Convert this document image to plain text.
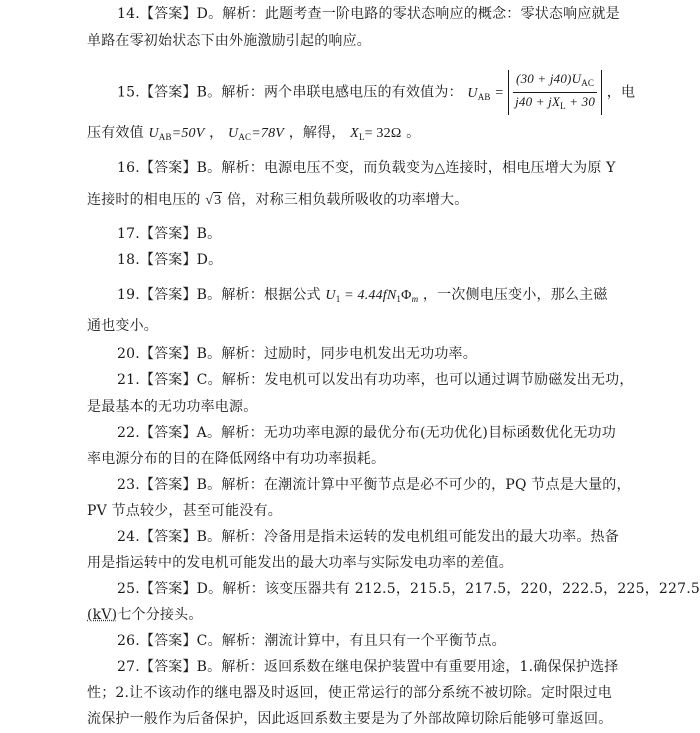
14.【答案】D。解析：此题考查一阶电路的零状态响应的概念：零状态响应就是
单路在零初始状态下由外施激励引起的响应。
15.【答案】B。解析：两个串联电感电压的有效值为： $U_{AB} = \frac{(30 + j40)U_{AC}}{j40 + jX_L + 30}$ ，电
压有效值 $U_{AB}=50V$ ， $U_{AC}=78V$ ，解得， $X_L= 32\Omega$ 。
16.【答案】B。解析：电源电压不变，而负载变为△连接时，相电压增大为原 Y
连接时的相电压的 √3 倍，对称三相负载所吸收的功率增大。
17.【答案】B。
18.【答案】D。
19.【答案】B。解析：根据公式 $U_1 = 4.44fN_1\Phi_m$ ，一次侧电压变小，那么主磁
通也变小。
20.【答案】B。解析：过励时，同步电机发出无功功率。
21.【答案】C。解析：发电机可以发出有功功率，也可以通过调节励磁发出无功，
是最基本的无功功率电源。
22.【答案】A。解析：无功功率电源的最优分布(无功优化)目标函数优化无功功
率电源分布的目的在降低网络中有功功率损耗。
23.【答案】B。解析：在潮流计算中平衡节点是必不可少的，PQ 节点是大量的，
PV 节点较少，甚至可能没有。
24.【答案】B。解析：冷备用是指未运转的发电机组可能发出的最大功率。热备
用是指运转中的发电机可能发出的最大功率与实际发电功率的差值。
25.【答案】D。解析：该变压器共有 212.5，215.5，217.5，220，222.5，225，227.5
(kV)七个分接头。
26.【答案】C。解析：潮流计算中，有且只有一个平衡节点。
27.【答案】B。解析：返回系数在继电保护装置中有重要用途，1.确保保护选择
性；2.让不该动作的继电器及时返回，使正常运行的部分系统不被切除。定时限过电
流保护一般作为后备保护，因此返回系数主要是为了外部故障切除后能够可靠返回。
